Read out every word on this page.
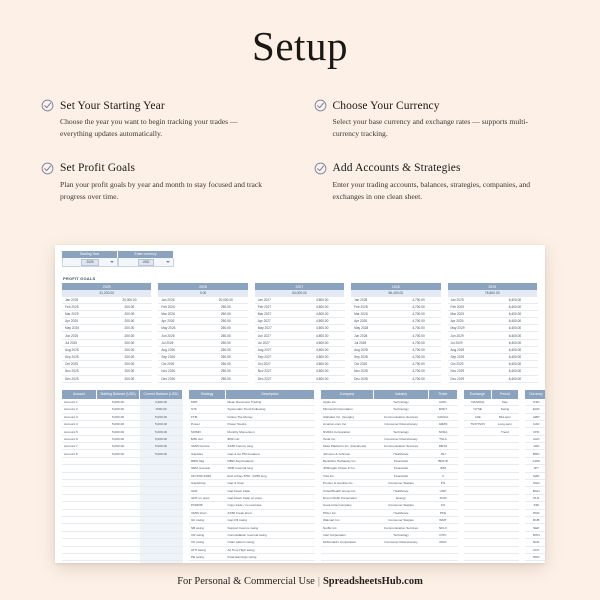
Setup
Set Your Starting Year
Choose the year you want to begin tracking your trades — everything updates automatically.
Choose Your Currency
Select your base currency and exchange rates — supports multi-currency tracking.
Set Profit Goals
Plan your profit goals by year and month to stay focused and track progress over time.
Add Accounts & Strategies
Enter your trading accounts, balances, strategies, companies, and exchanges in one clean sheet.
Starting Year
2025
Enter currency
USD
PROFIT GOALS
2025			2026			2027			2028			2029	
31,200.00			0.00			54,000.00			56,400.00			76,800.00	
Jan 2025	20,000.00		Jan 2026	20,000.00		Jan 2027	4,500.00		Jan 2028	4,700.00		Jan 2029	6,400.00
Feb 2025	200.00		Feb 2026	250.00		Feb 2027	4,500.00		Feb 2028	4,700.00		Feb 2029	6,400.00
Mar 2025	200.00		Mar 2026	250.00		Mar 2027	4,500.00		Mar 2028	4,700.00		Mar 2029	6,400.00
Apr 2025	200.00		Apr 2026	250.00		Apr 2027	4,500.00		Apr 2028	4,700.00		Apr 2029	6,400.00
May 2025	200.00		May 2026	250.00		May 2027	4,500.00		May 2028	4,700.00		May 2029	6,400.00
Jun 2025	200.00		Jun 2026	250.00		Jun 2027	4,500.00		Jun 2028	4,700.00		Jun 2029	6,400.00
Jul 2025	200.00		Jul 2026	250.00		Jul 2027	4,500.00		Jul 2028	4,700.00		Jul 2029	6,400.00
Aug 2025	200.00		Aug 2026	250.00		Aug 2027	4,500.00		Aug 2028	4,700.00		Aug 2029	6,400.00
Sep 2025	200.00		Sep 2026	250.00		Sep 2027	4,500.00		Sep 2028	4,700.00		Sep 2029	6,400.00
Oct 2025	200.00		Oct 2026	250.00		Oct 2027	4,500.00		Oct 2028	4,700.00		Oct 2029	6,400.00
Nov 2025	200.00		Nov 2026	250.00		Nov 2027	4,500.00		Nov 2028	4,700.00		Nov 2029	6,400.00
Dec 2025	200.00		Dec 2026	250.00		Dec 2027	4,500.00		Dec 2028	4,700.00		Dec 2029	6,400.00
Account	Starting Balance (USD)	Current Balance (USD)
Account 1	5,000.00	3,280.00
Account 2	5,000.00	1590.00
Account 3	5,000.00	5,000.00
Account 4	5,000.00	5,000.00
Account 5	5,000.00	5,000.00
Account 6	5,000.00	5,000.00
Account 7	5,000.00	5,000.00
Account 8	5,000.00	5,000.00

Strategy	Description
MRT	Mean Reversion Trading
STF	Systematic Trend Following
FTM	Follow The Money
Power	Power Stocks
MOMO	Monthly Momentum
$/50 curl	$/50 curl
34/50 bounce	34/50 bounce long
Gap&Go	Gap & Go PM breakout
RBW flag	RBW flag breakout
SRM reversal	SRM reversal long
OD 5/50 34/50	End of Day 5/50 : 34/50 long
Gap&Crap	Gap & Crap
GDF	Gap Down Fade
GDF on pops	Gap Down Fade on pops
POMOB	Copy trade / no real idea
34/50 short	34/50 break short
GF swing	Gap Fill swing
SB swing	Support bounce swing
CR swing	Consolidation reversal swing
CP swing	Chart pattern swing
ATH swing	All Time High swing
PE swing	Peak Earnings swing

Company	Industry	Ticker
Apple Inc.	Technology	AAPL
Microsoft Corporation	Technology	MSFT
Alphabet Inc. (Google)	Communication Services	GOOGL
Amazon.com Inc.	Consumer Discretionary	AMZN
NVIDIA Corporation	Technology	NVDA
Tesla Inc.	Consumer Discretionary	TSLA
Meta Platforms Inc. (Facebook)	Communication Services	META
Johnson & Johnson	Healthcare	JNJ
Berkshire Hathaway Inc.	Financials	BRK.B
JPMorgan Chase & Co.	Financials	JPM
Visa Inc.	Financials	V
Procter & Gamble Co.	Consumer Staples	PG
UnitedHealth Group Inc.	Healthcare	UNH
Exxon Mobil Corporation	Energy	XOM
Coca-Cola Company	Consumer Staples	KO
Pfizer Inc.	Healthcare	PFE
Walmart Inc.	Consumer Staples	WMT
Netflix Inc.	Communication Services	NFLX
Intel Corporation	Technology	INTC
McDonald's Corporation	Consumer Discretionary	MCD

Exchange	Period
NASDAQ	Day
NYSE	Swing
LSE	Mid-term
TSX/TSXV	Long-term
	Trend

Currency	
USD	
EUR	
GBP	
CAD	
CHF	
AUD	
JOD	
BHD	
KWD	
JPY	
NZD	
SGD	
BGN	
PLN	
INR	
PKR	
RUB	
SEK	
MXN	
NOK	
CNY	
HKD	

For Personal & Commercial Use | SpreadsheetsHub.com
